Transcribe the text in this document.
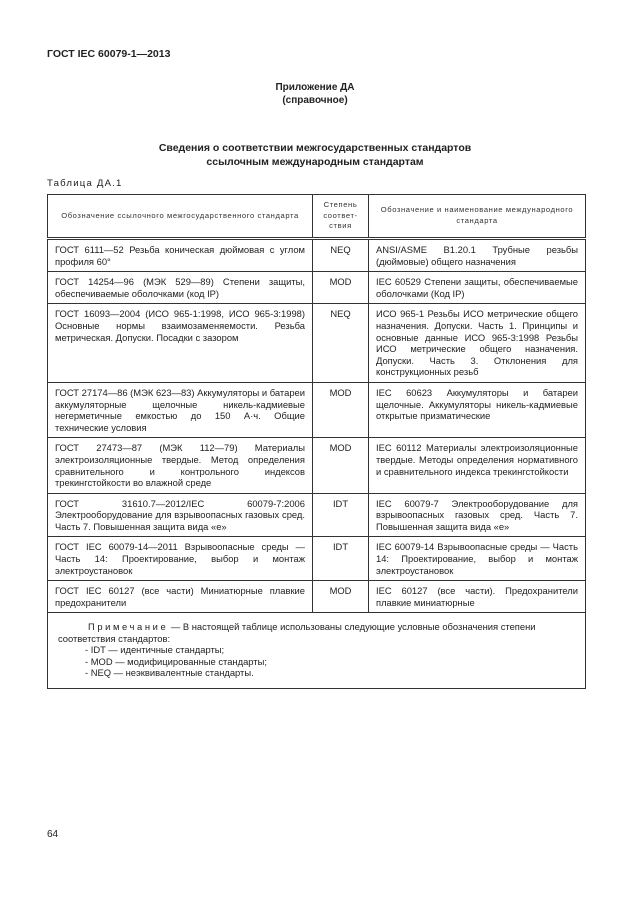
ГОСТ IEC 60079-1—2013
Приложение ДА
(справочное)
Сведения о соответствии межгосударственных стандартов
ссылочным международным стандартам
Таблица ДА.1
Обозначение ссылочного межгосударственного стандарта	Степень соответ-ствия	Обозначение и наименование международного стандарта
ГОСТ 6111—52 Резьба коническая дюймовая с углом профиля 60°	NEQ	ANSI/ASME B1.20.1 Трубные резьбы (дюймовые) общего назначения
ГОСТ 14254—96 (МЭК 529—89) Степени защиты, обеспечиваемые оболочками (код IP)	MOD	IEC 60529 Степени защиты, обеспечиваемые оболочками (Код IP)
ГОСТ 16093—2004 (ИСО 965-1:1998, ИСО 965-3:1998) Основные нормы взаимозаменяемости. Резьба метрическая. Допуски. Посадки с зазором	NEQ	ИСО 965-1 Резьбы ИСО метрические общего назначения. Допуски. Часть 1. Принципы и основные данные ИСО 965-3:1998 Резьбы ИСО метрические общего назначения. Допуски. Часть 3. Отклонения для конструкционных резьб
ГОСТ 27174—86 (МЭК 623—83) Аккумуляторы и батареи аккумуляторные щелочные никель-кадмиевые негерметичные емкостью до 150 А·ч. Общие технические условия	MOD	IEC 60623 Аккумуляторы и батареи щелочные. Аккумуляторы никель-кадмиевые открытые призматические
ГОСТ 27473—87 (МЭК 112—79) Материалы электроизоляционные твердые. Метод определения сравнительного и контрольного индексов трекингстойкости во влажной среде	MOD	IEC 60112 Материалы электроизоляционные твердые. Методы определения нормативного и сравнительного индекса трекингстойкости
ГОСТ 31610.7—2012/IEC 60079-7:2006 Электрооборудование для взрывоопасных газовых сред. Часть 7. Повышенная защита вида «е»	IDT	IEC 60079-7 Электрооборудование для взрывоопасных газовых сред. Часть 7. Повышенная защита вида «е»
ГОСТ IEC 60079-14—2011 Взрывоопасные среды — Часть 14: Проектирование, выбор и монтаж электроустановок	IDT	IEC 60079-14 Взрывоопасные среды — Часть 14: Проектирование, выбор и монтаж электроустановок
ГОСТ IEC 60127 (все части) Миниатюрные плавкие предохранители	MOD	IEC 60127 (все части). Предохранители плавкие миниатюрные

Примечание — В настоящей таблице использованы следующие условные обозначения степени соответствия стандартов:

- IDT — идентичные стандарты;

- MOD — модифицированные стандарты;

- NEQ — неэквивалентные стандарты.		

64
